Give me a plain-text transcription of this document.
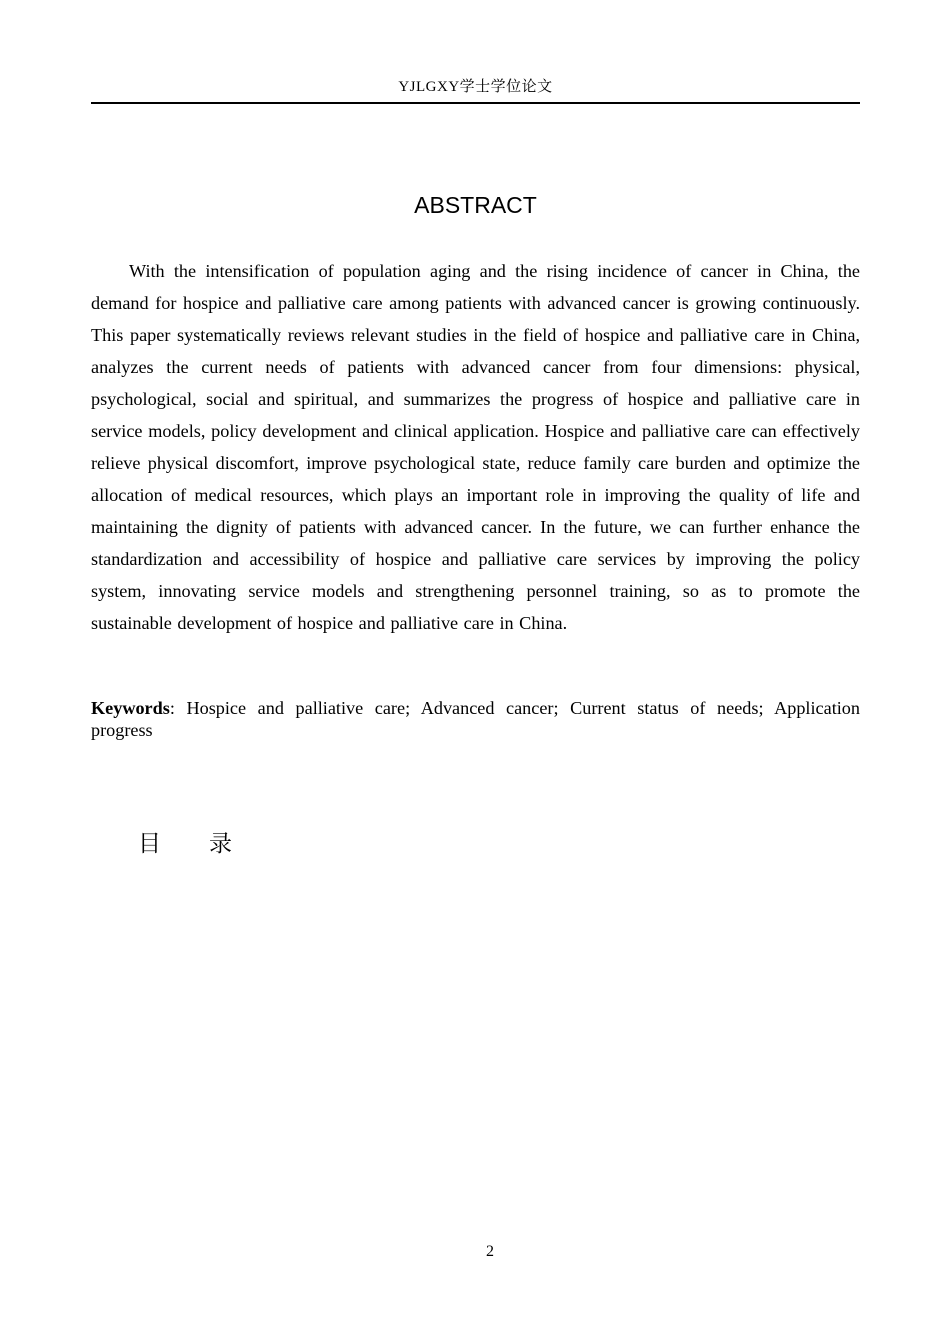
YJLGXY学士学位论文
ABSTRACT

With the intensification of population aging and the rising incidence of cancer in China, the demand for hospice and palliative care among patients with advanced cancer is growing continuously. This paper systematically reviews relevant studies in the field of hospice and palliative care in China, analyzes the current needs of patients with advanced cancer from four dimensions: physical, psychological, social and spiritual, and summarizes the progress of hospice and palliative care in service models, policy development and clinical application. Hospice and palliative care can effectively relieve physical discomfort, improve psychological state, reduce family care burden and optimize the allocation of medical resources, which plays an important role in improving the quality of life and maintaining the dignity of patients with advanced cancer. In the future, we can further enhance the standardization and accessibility of hospice and palliative care services by improving the policy system, innovating service models and strengthening personnel training, so as to promote the sustainable development of hospice and palliative care in China.

Keywords: Hospice and palliative care; Advanced cancer; Current status of needs; Application progress

目录
2
